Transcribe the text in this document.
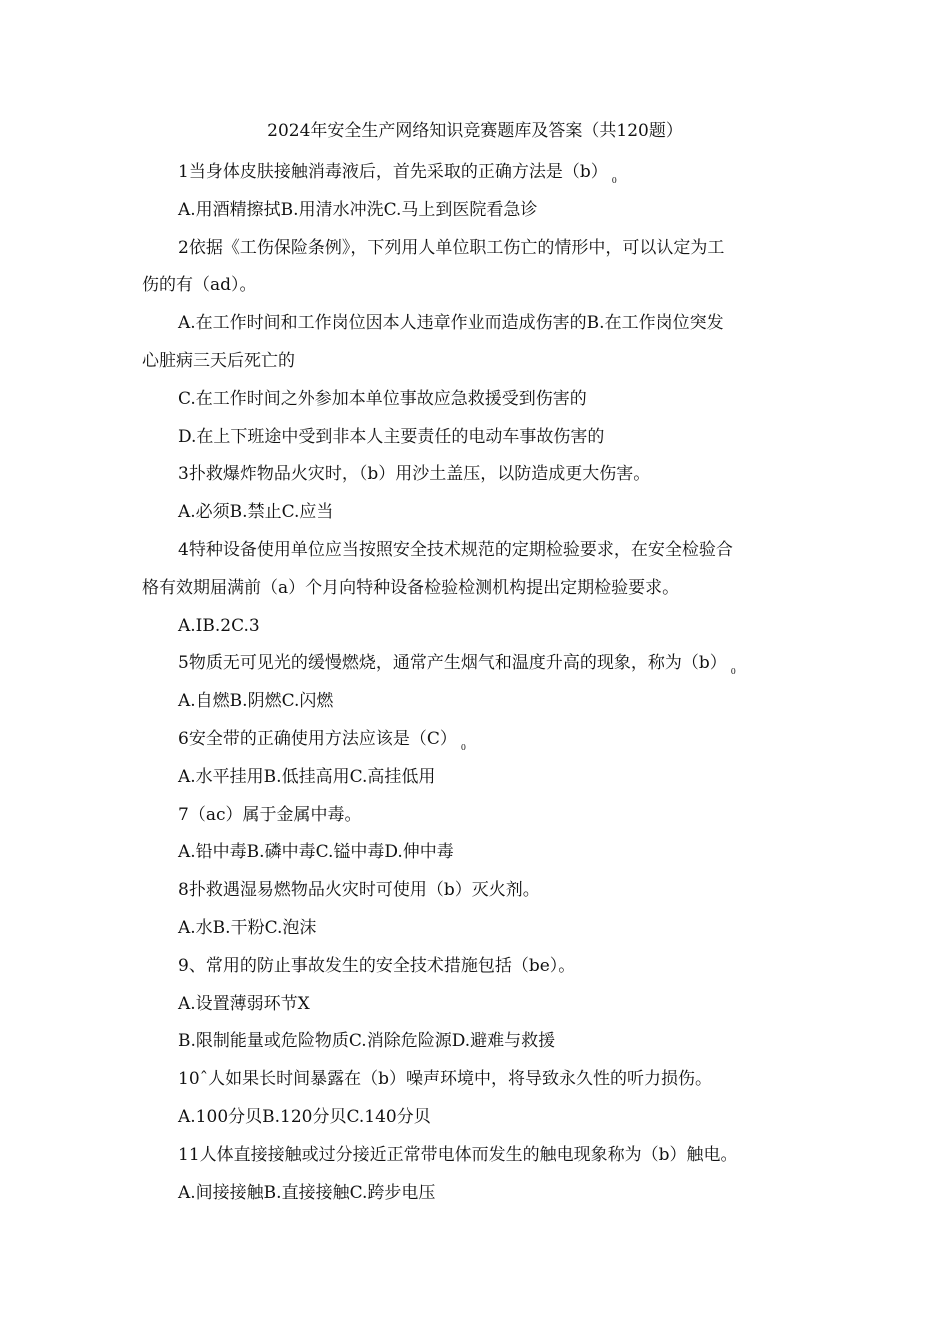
2024年安全生产网络知识竞赛题库及答案（共120题）
1当身体皮肤接触消毒液后，首先采取的正确方法是（b） $_0$
A.用酒精擦拭B.用清水冲洗C.马上到医院看急诊
2依据《工伤保险条例》，下列用人单位职工伤亡的情形中，可以认定为工
伤的有（ad）。
A.在工作时间和工作岗位因本人违章作业而造成伤害的B.在工作岗位突发
心脏病三天后死亡的
C.在工作时间之外参加本单位事故应急救援受到伤害的
D.在上下班途中受到非本人主要责任的电动车事故伤害的
3扑救爆炸物品火灾时，（b）用沙土盖压，以防造成更大伤害。
A.必须B.禁止C.应当
4特种设备使用单位应当按照安全技术规范的定期检验要求，在安全检验合
格有效期届满前（a）个月向特种设备检验检测机构提出定期检验要求。
A.IB.2C.3
5物质无可见光的缓慢燃烧，通常产生烟气和温度升高的现象，称为（b） $_0$
A.自燃B.阴燃C.闪燃
6安全带的正确使用方法应该是（C） $_0$
A.水平挂用B.低挂高用C.高挂低用
7（ac）属于金属中毒。
A.铅中毒B.磷中毒C.镒中毒D.伸中毒
8扑救遇湿易燃物品火灾时可使用（b）灭火剂。
A.水B.干粉C.泡沫
9、常用的防止事故发生的安全技术措施包括（be）。
A.设置薄弱环节X
B.限制能量或危险物质C.消除危险源D.避难与救援
10ˆ人如果长时间暴露在（b）噪声环境中，将导致永久性的听力损伤。
A.100分贝B.120分贝C.140分贝
11人体直接接触或过分接近正常带电体而发生的触电现象称为（b）触电。
A.间接接触B.直接接触C.跨步电压
